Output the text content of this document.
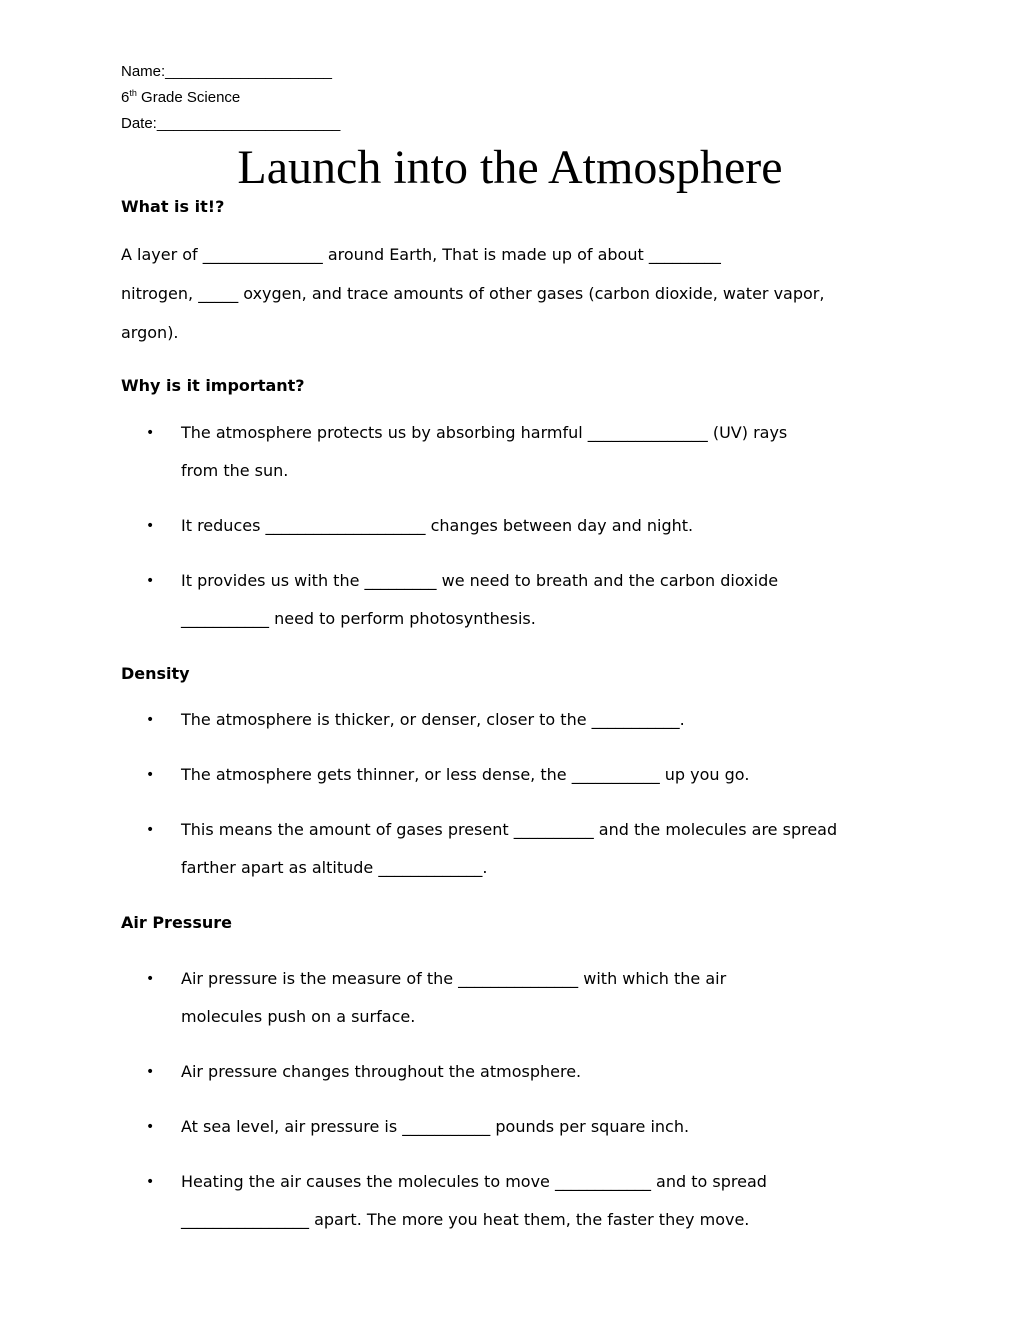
Name:____________________
6th Grade Science
Date:______________________
Launch into the Atmosphere
What is it!?
A layer of _______________ around Earth, That is made up of about _________
nitrogen, _____ oxygen, and trace amounts of other gases (carbon dioxide, water vapor,
argon).
Why is it important?
• The atmosphere protects us by absorbing harmful _______________ (UV) rays
from the sun.
• It reduces ____________________ changes between day and night.
• It provides us with the _________ we need to breath and the carbon dioxide
___________ need to perform photosynthesis.
Density
• The atmosphere is thicker, or denser, closer to the ___________.
• The atmosphere gets thinner, or less dense, the ___________ up you go.
• This means the amount of gases present __________ and the molecules are spread
farther apart as altitude _____________.
Air Pressure
• Air pressure is the measure of the _______________ with which the air
molecules push on a surface.
• Air pressure changes throughout the atmosphere.
• At sea level, air pressure is ___________ pounds per square inch.
• Heating the air causes the molecules to move ____________ and to spread
________________ apart. The more you heat them, the faster they move.
